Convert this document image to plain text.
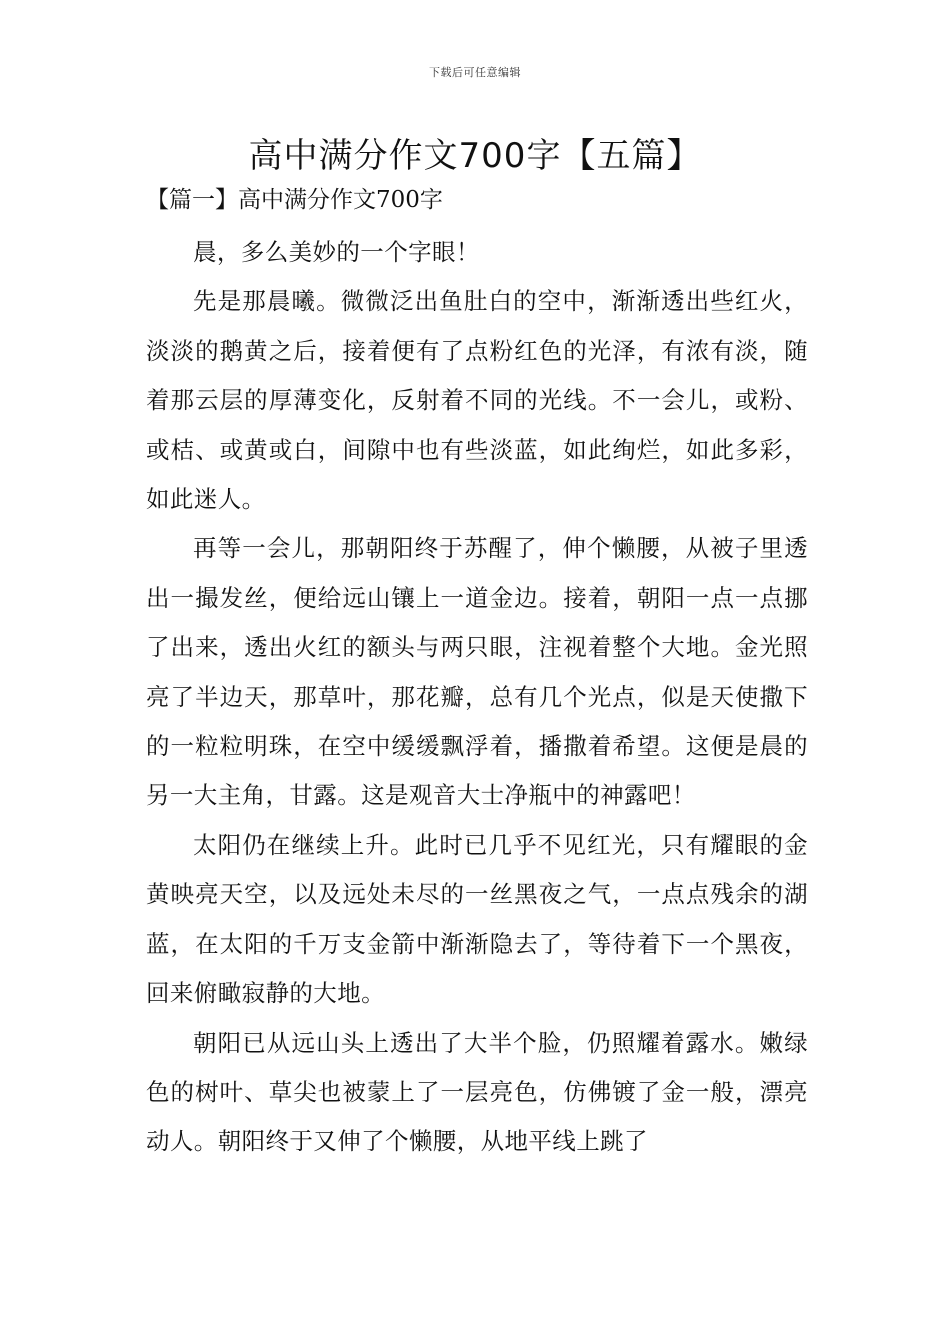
下载后可任意编辑
高中满分作文700字【五篇】
【篇一】高中满分作文700字

晨，多么美妙的一个字眼！

先是那晨曦。微微泛出鱼肚白的空中，渐渐透出些红火，淡淡的鹅黄之后，接着便有了点粉红色的光泽，有浓有淡，随着那云层的厚薄变化，反射着不同的光线。不一会儿，或粉、或桔、或黄或白，间隙中也有些淡蓝，如此绚烂，如此多彩，如此迷人。

再等一会儿，那朝阳终于苏醒了，伸个懒腰，从被子里透出一撮发丝，便给远山镶上一道金边。接着，朝阳一点一点挪了出来，透出火红的额头与两只眼，注视着整个大地。金光照亮了半边天，那草叶，那花瓣，总有几个光点，似是天使撒下的一粒粒明珠，在空中缓缓飘浮着，播撒着希望。这便是晨的另一大主角，甘露。这是观音大士净瓶中的神露吧！

太阳仍在继续上升。此时已几乎不见红光，只有耀眼的金黄映亮天空，以及远处未尽的一丝黑夜之气，一点点残余的湖蓝，在太阳的千万支金箭中渐渐隐去了，等待着下一个黑夜，回来俯瞰寂静的大地。

朝阳已从远山头上透出了大半个脸，仍照耀着露水。嫩绿色的树叶、草尖也被蒙上了一层亮色，仿佛镀了金一般，漂亮动人。朝阳终于又伸了个懒腰，从地平线上跳了
